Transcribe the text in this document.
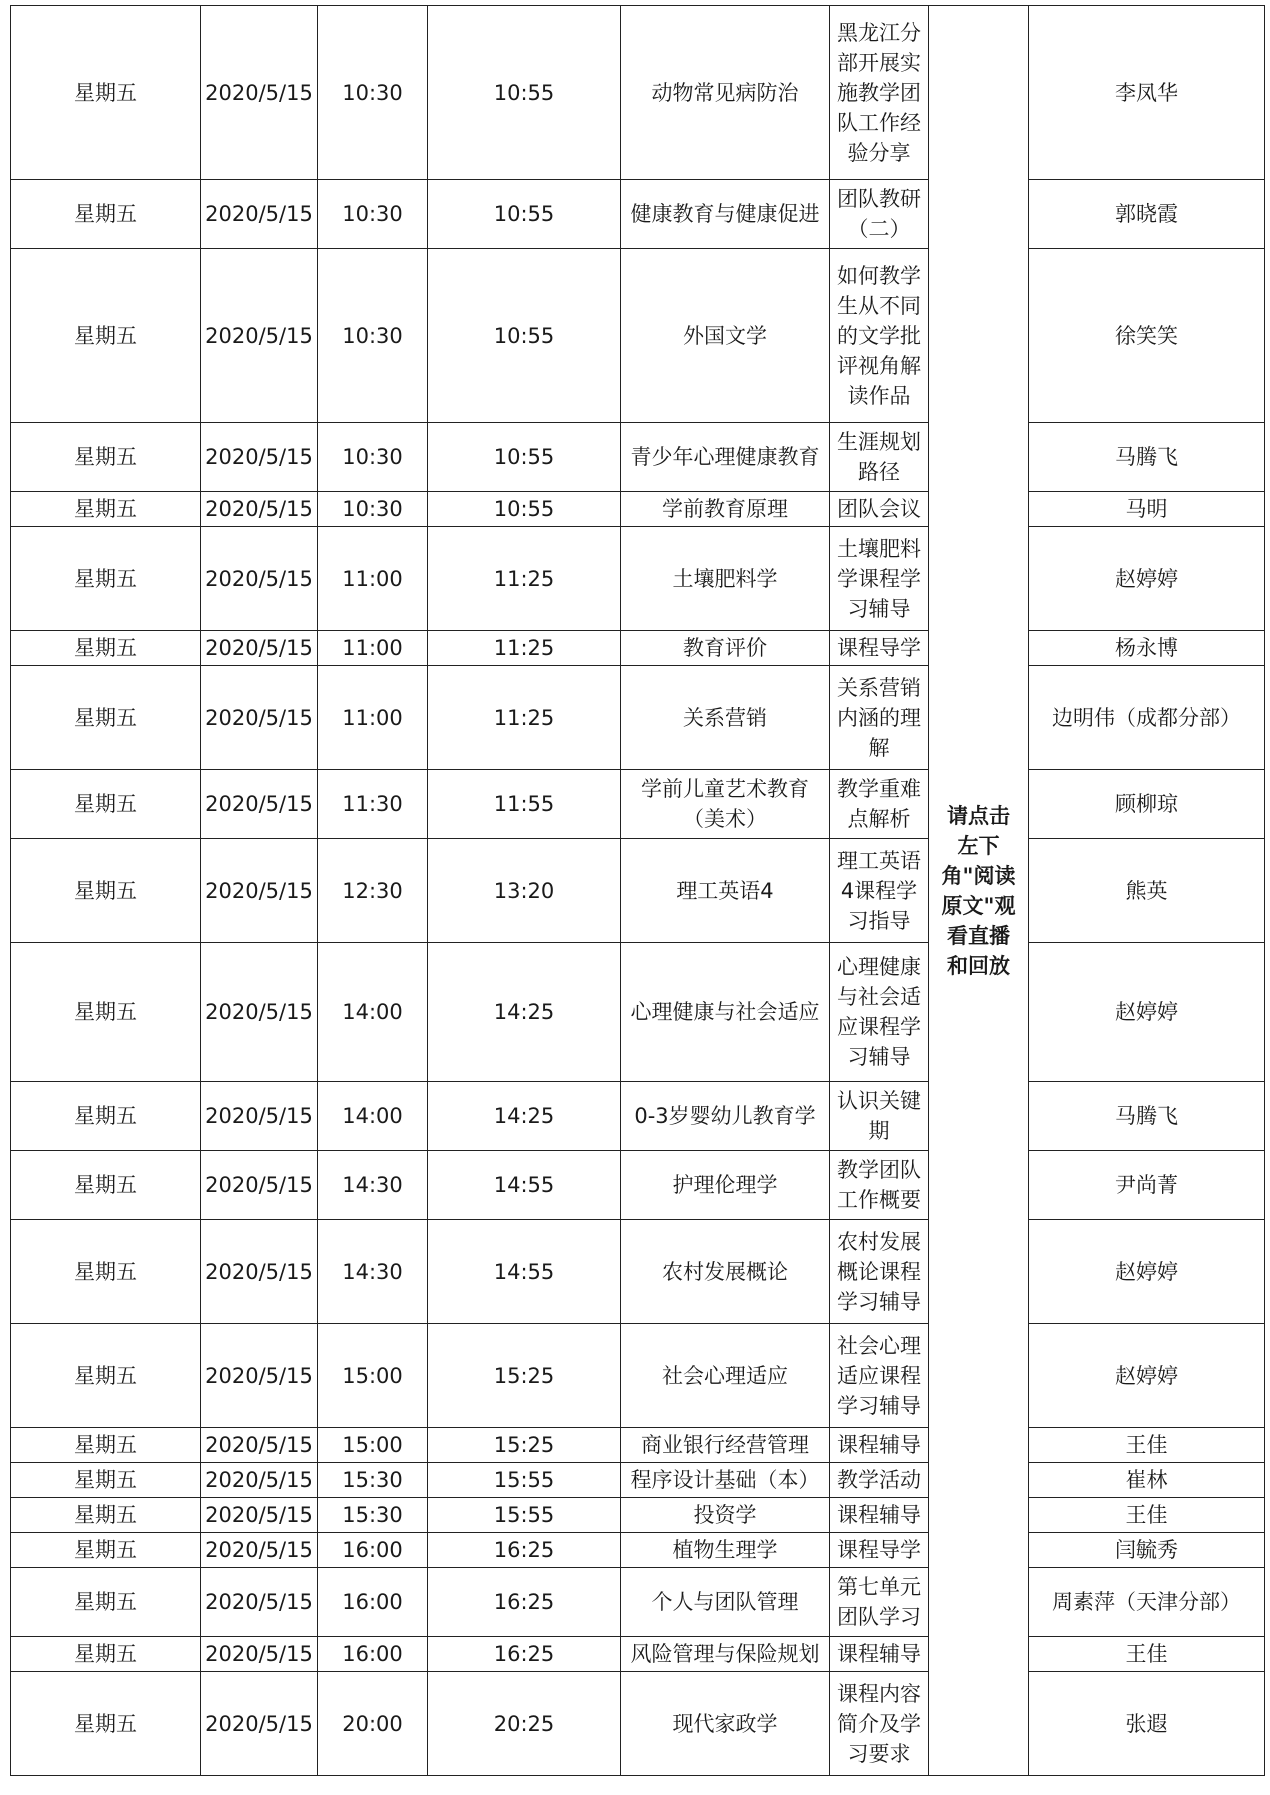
星期五	2020/5/15	10:30	10:55	动物常见病防治	黑龙江分部开展实施教学团队工作经验分享	请点击左下角"阅读原文"观看直播和回放	李凤华
星期五	2020/5/15	10:30	10:55	健康教育与健康促进	团队教研（二）		郭晓霞
星期五	2020/5/15	10:30	10:55	外国文学	如何教学生从不同的文学批评视角解读作品		徐笑笑
星期五	2020/5/15	10:30	10:55	青少年心理健康教育	生涯规划路径		马腾飞
星期五	2020/5/15	10:30	10:55	学前教育原理	团队会议		马明
星期五	2020/5/15	11:00	11:25	土壤肥料学	土壤肥料学课程学习辅导		赵婷婷
星期五	2020/5/15	11:00	11:25	教育评价	课程导学		杨永博
星期五	2020/5/15	11:00	11:25	关系营销	关系营销内涵的理解		边明伟（成都分部）
星期五	2020/5/15	11:30	11:55	学前儿童艺术教育（美术）	教学重难点解析		顾柳琼
星期五	2020/5/15	12:30	13:20	理工英语4	理工英语4课程学习指导		熊英
星期五	2020/5/15	14:00	14:25	心理健康与社会适应	心理健康与社会适应课程学习辅导		赵婷婷
星期五	2020/5/15	14:00	14:25	0-3岁婴幼儿教育学	认识关键期		马腾飞
星期五	2020/5/15	14:30	14:55	护理伦理学	教学团队工作概要		尹尚菁
星期五	2020/5/15	14:30	14:55	农村发展概论	农村发展概论课程学习辅导		赵婷婷
星期五	2020/5/15	15:00	15:25	社会心理适应	社会心理适应课程学习辅导		赵婷婷
星期五	2020/5/15	15:00	15:25	商业银行经营管理	课程辅导		王佳
星期五	2020/5/15	15:30	15:55	程序设计基础（本）	教学活动		崔林
星期五	2020/5/15	15:30	15:55	投资学	课程辅导		王佳
星期五	2020/5/15	16:00	16:25	植物生理学	课程导学		闫毓秀
星期五	2020/5/15	16:00	16:25	个人与团队管理	第七单元团队学习		周素萍（天津分部）
星期五	2020/5/15	16:00	16:25	风险管理与保险规划	课程辅导		王佳
星期五	2020/5/15	20:00	20:25	现代家政学	课程内容简介及学习要求		张遐
